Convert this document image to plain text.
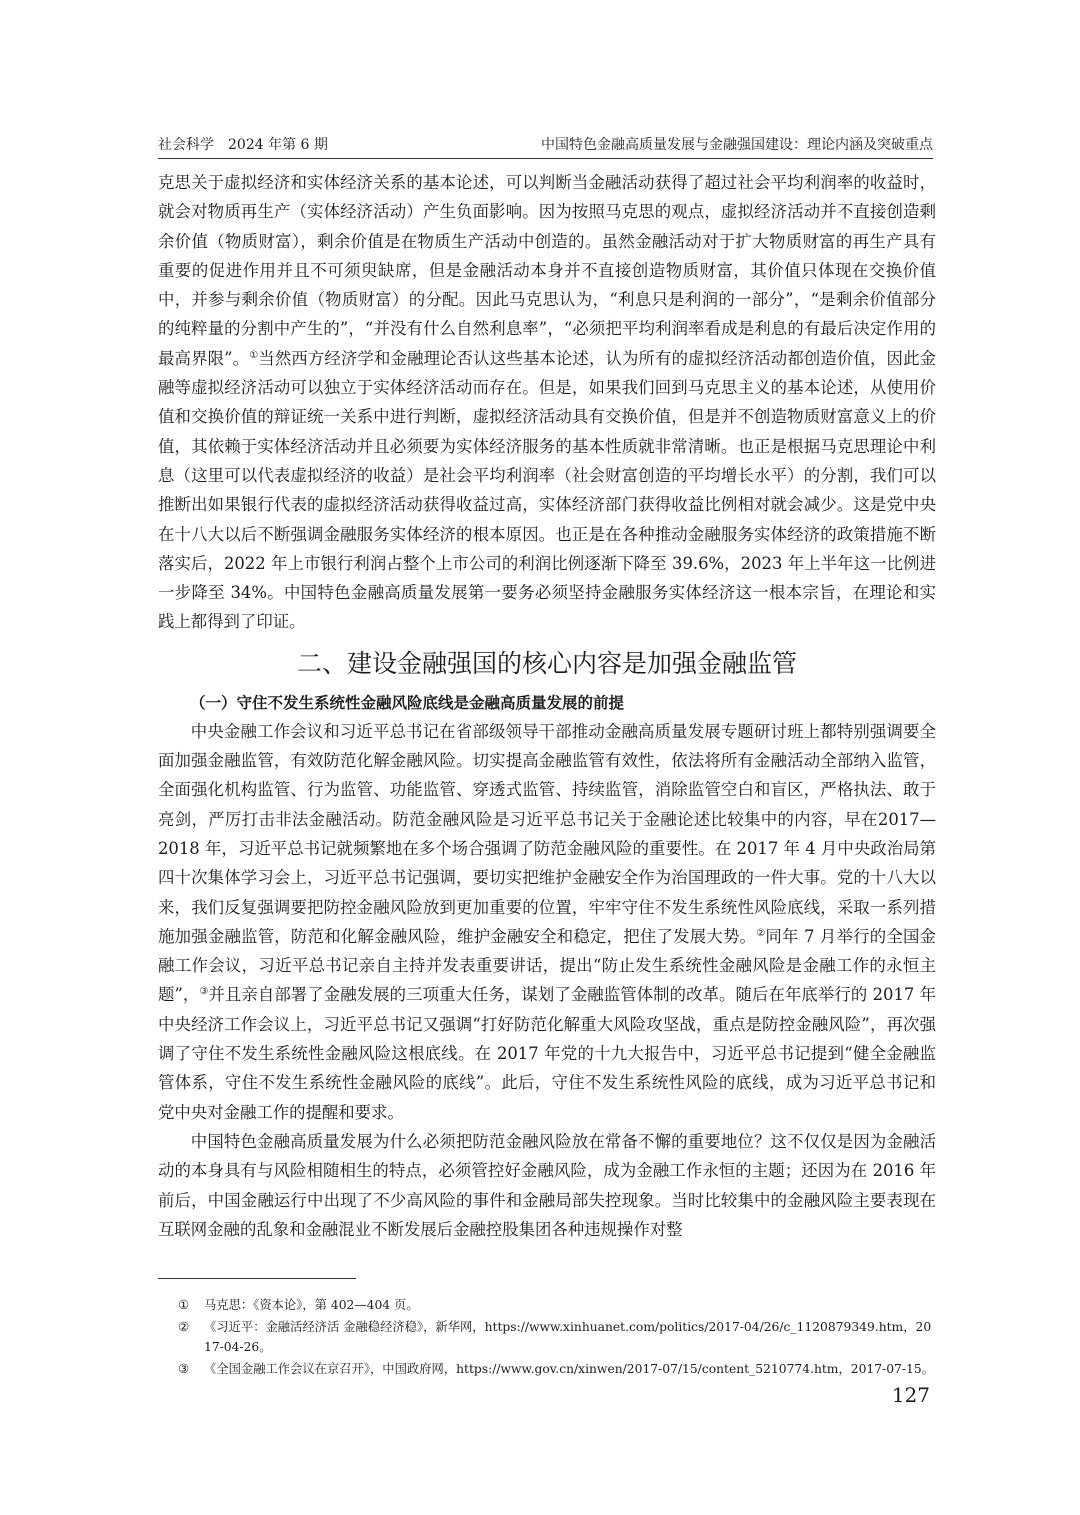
社会科学　2024 年第 6 期	中国特色金融高质量发展与金融强国建设：理论内涵及突破重点

克思关于虚拟经济和实体经济关系的基本论述，可以判断当金融活动获得了超过社会平均利润率的收益时，就会对物质再生产（实体经济活动）产生负面影响。因为按照马克思的观点，虚拟经济活动并不直接创造剩余价值（物质财富），剩余价值是在物质生产活动中创造的。虽然金融活动对于扩大物质财富的再生产具有重要的促进作用并且不可须臾缺席，但是金融活动本身并不直接创造物质财富，其价值只体现在交换价值中，并参与剩余价值（物质财富）的分配。因此马克思认为，“利息只是利润的一部分”，“是剩余价值部分的纯粹量的分割中产生的”，“并没有什么自然利息率”，“必须把平均利润率看成是利息的有最后决定作用的最高界限”。①当然西方经济学和金融理论否认这些基本论述，认为所有的虚拟经济活动都创造价值，因此金融等虚拟经济活动可以独立于实体经济活动而存在。但是，如果我们回到马克思主义的基本论述，从使用价值和交换价值的辩证统一关系中进行判断，虚拟经济活动具有交换价值，但是并不创造物质财富意义上的价值，其依赖于实体经济活动并且必须要为实体经济服务的基本性质就非常清晰。也正是根据马克思理论中利息（这里可以代表虚拟经济的收益）是社会平均利润率（社会财富创造的平均增长水平）的分割，我们可以推断出如果银行代表的虚拟经济活动获得收益过高，实体经济部门获得收益比例相对就会减少。这是党中央在十八大以后不断强调金融服务实体经济的根本原因。也正是在各种推动金融服务实体经济的政策措施不断落实后，2022 年上市银行利润占整个上市公司的利润比例逐渐下降至 39.6%，2023 年上半年这一比例进一步降至 34%。中国特色金融高质量发展第一要务必须坚持金融服务实体经济这一根本宗旨，在理论和实践上都得到了印证。

二、建设金融强国的核心内容是加强金融监管
（一）守住不发生系统性金融风险底线是金融高质量发展的前提

中央金融工作会议和习近平总书记在省部级领导干部推动金融高质量发展专题研讨班上都特别强调要全面加强金融监管，有效防范化解金融风险。切实提高金融监管有效性，依法将所有金融活动全部纳入监管，全面强化机构监管、行为监管、功能监管、穿透式监管、持续监管，消除监管空白和盲区，严格执法、敢于亮剑，严厉打击非法金融活动。防范金融风险是习近平总书记关于金融论述比较集中的内容，早在2017—2018 年，习近平总书记就频繁地在多个场合强调了防范金融风险的重要性。在 2017 年 4 月中央政治局第四十次集体学习会上，习近平总书记强调，要切实把维护金融安全作为治国理政的一件大事。党的十八大以来，我们反复强调要把防控金融风险放到更加重要的位置，牢牢守住不发生系统性风险底线，采取一系列措施加强金融监管，防范和化解金融风险，维护金融安全和稳定，把住了发展大势。②同年 7 月举行的全国金融工作会议，习近平总书记亲自主持并发表重要讲话，提出“防止发生系统性金融风险是金融工作的永恒主题”，③并且亲自部署了金融发展的三项重大任务，谋划了金融监管体制的改革。随后在年底举行的 2017 年中央经济工作会议上，习近平总书记又强调“打好防范化解重大风险攻坚战，重点是防控金融风险”，再次强调了守住不发生系统性金融风险这根底线。在 2017 年党的十九大报告中，习近平总书记提到“健全金融监管体系，守住不发生系统性金融风险的底线”。此后，守住不发生系统性风险的底线，成为习近平总书记和党中央对金融工作的提醒和要求。

中国特色金融高质量发展为什么必须把防范金融风险放在常备不懈的重要地位？这不仅仅是因为金融活动的本身具有与风险相随相生的特点，必须管控好金融风险，成为金融工作永恒的主题；还因为在 2016 年前后，中国金融运行中出现了不少高风险的事件和金融局部失控现象。当时比较集中的金融风险主要表现在互联网金融的乱象和金融混业不断发展后金融控股集团各种违规操作对整

①	马克思：《资本论》，第 402—404 页。
②	《习近平：金融活经济活 金融稳经济稳》，新华网，https://www.xinhuanet.com/politics/2017-04/26/c_1120879349.htm，2017-04-26。
③	《全国金融工作会议在京召开》，中国政府网，https://www.gov.cn/xinwen/2017-07/15/content_5210774.htm，2017-07-15。
127
